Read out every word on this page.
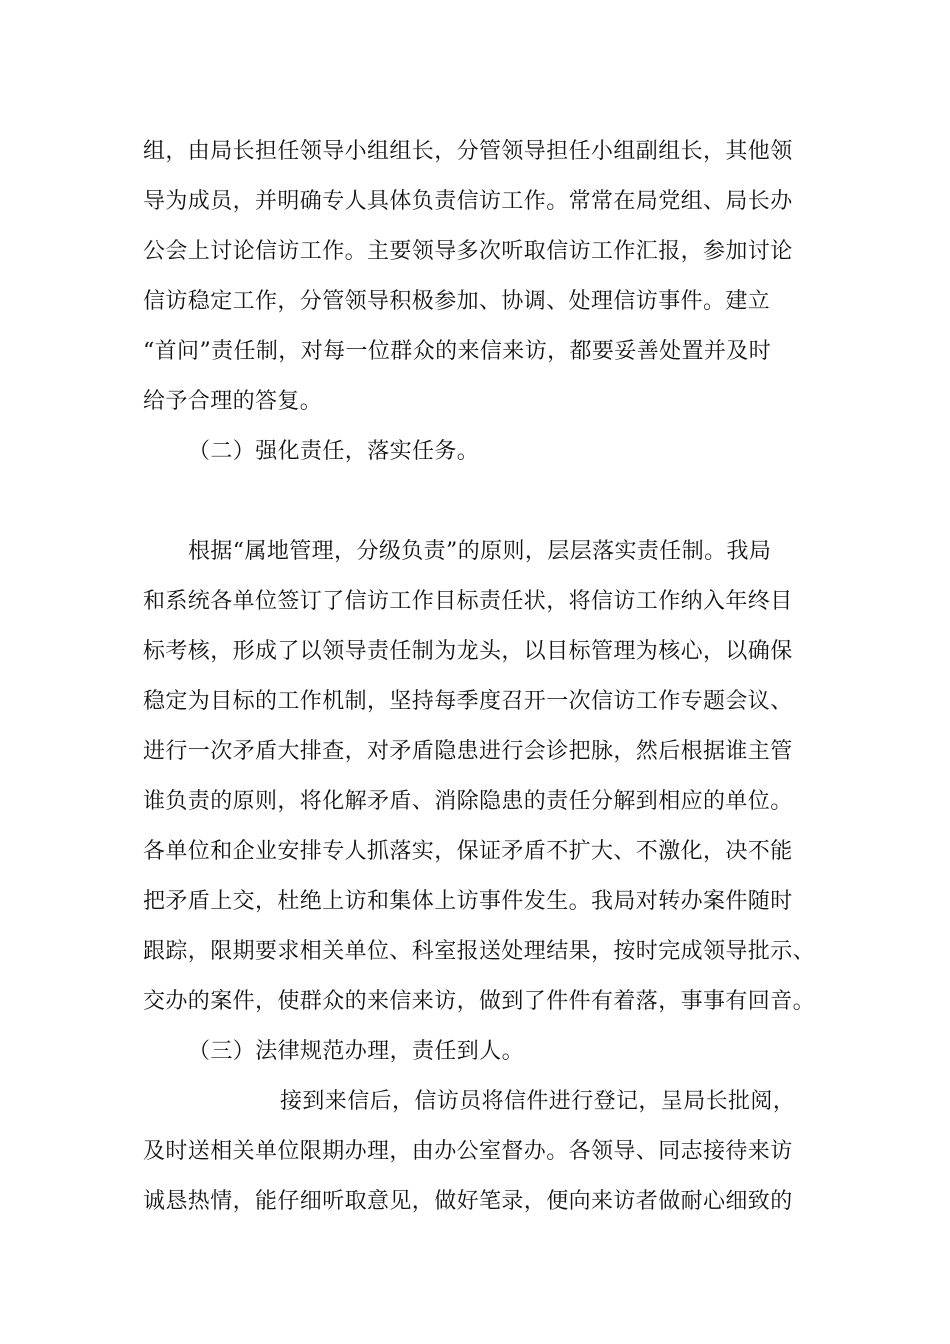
组，由局长担任领导小组组长，分管领导担任小组副组长，其他领
导为成员，并明确专人具体负责信访工作。常常在局党组、局长办
公会上讨论信访工作。主要领导多次听取信访工作汇报，参加讨论
信访稳定工作，分管领导积极参加、协调、处理信访事件。建立
“首问”责任制，对每一位群众的来信来访，都要妥善处置并及时
给予合理的答复。
（二）强化责任，落实任务。
根据“属地管理，分级负责”的原则，层层落实责任制。我局
和系统各单位签订了信访工作目标责任状，将信访工作纳入年终目
标考核，形成了以领导责任制为龙头，以目标管理为核心，以确保
稳定为目标的工作机制，坚持每季度召开一次信访工作专题会议、
进行一次矛盾大排查，对矛盾隐患进行会诊把脉，然后根据谁主管
谁负责的原则，将化解矛盾、消除隐患的责任分解到相应的单位。
各单位和企业安排专人抓落实，保证矛盾不扩大、不激化，决不能
把矛盾上交，杜绝上访和集体上访事件发生。我局对转办案件随时
跟踪，限期要求相关单位、科室报送处理结果，按时完成领导批示、
交办的案件，使群众的来信来访，做到了件件有着落，事事有回音。
（三）法律规范办理，责任到人。
接到来信后，信访员将信件进行登记，呈局长批阅，
及时送相关单位限期办理，由办公室督办。各领导、同志接待来访
诚恳热情，能仔细听取意见，做好笔录，便向来访者做耐心细致的
